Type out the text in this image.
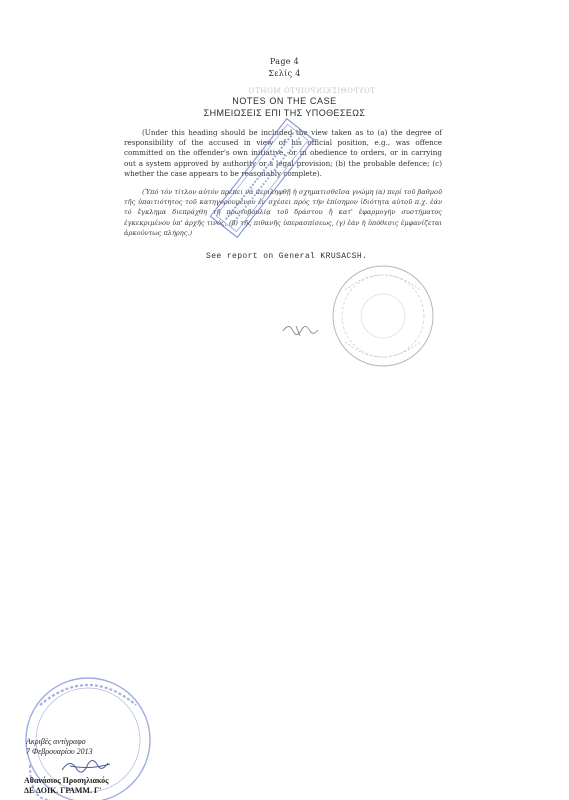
ΤΟΥΡΟΘΙΣΚΙΝΡΟΙΡΤΟ ΜΟΗΤΟ
Page 4
Σελίς 4
NOTES ON THE CASE
ΣΗΜΕΙΩΣΕΙΣ ΕΠΙ ΤΗΣ ΥΠΟΘΕΣΕΩΣ
(Under this heading should be included the view taken as to (a) the degree of responsibility of the accused in view of his official position, e.g., was offence committed on the offender's own initiative, or in obedience to orders, or in carrying out a system approved by authority or s legal provision; (b) the probable defence; (c) whether the case appears to be reasonably complete).
(Ὑπό τόν τίτλον αὐτόν πρέπει νά περιληφθῇ ἡ σχηματισθεῖσα γνώμη (α) περί τοῦ βαθμοῦ τῆς ὑπαιτιότητος τοῦ κατηγορουμένου ἐν σχέσει πρός τήν ἐπίσημον ἰδιότητα αὐτοῦ π.χ. ἐάν τό ἔγκλημα διεπράχθη τῇ πρωτοβουλίᾳ τοῦ δράστου ἤ κατ' ἐφαρμογήν συστήματος ἐγκεκριμένου ὑπ' ἀρχῆς τινός, (β) τῆς πιθανῆς ὑπερασπίσεως, (γ) ἐάν ἡ ὑπόθεσις ἐμφανίζεται ἀρκούντως πλήρης.)
See report on General KRUSACSH.
Ακριβές αντίγραφο
7 Φεβρουαρίου 2013
Αθανάσιος Προσηλιακός
ΔΕ ΔΟΙΚ. ΓΡΑΜΜ. Γ'
